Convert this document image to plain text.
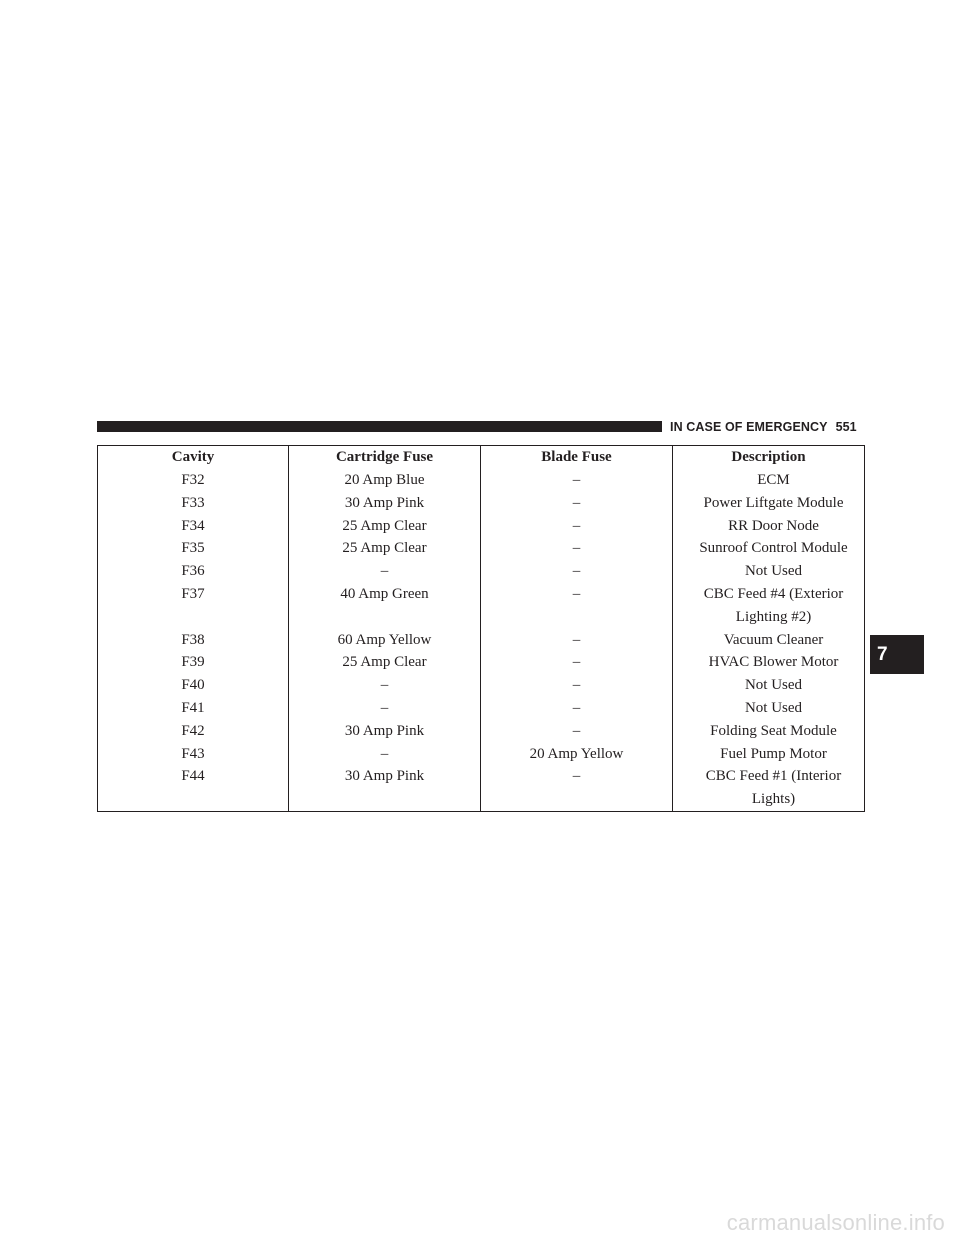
IN CASE OF EMERGENCY 551
Cavity	Cartridge Fuse	Blade Fuse	Description
F32	20 Amp Blue	–	ECM
F33	30 Amp Pink	–	Power Liftgate Module
F34	25 Amp Clear	–	RR Door Node
F35	25 Amp Clear	–	Sunroof Control Module
F36	–	–	Not Used
F37	40 Amp Green	–	CBC Feed #4 (Exterior Lighting #2)
F38	60 Amp Yellow	–	Vacuum Cleaner
F39	25 Amp Clear	–	HVAC Blower Motor
F40	–	–	Not Used
F41	–	–	Not Used
F42	30 Amp Pink	–	Folding Seat Module
F43	–	20 Amp Yellow	Fuel Pump Motor
F44	30 Amp Pink	–	CBC Feed #1 (Interior Lights)
7
carmanualsonline.info
